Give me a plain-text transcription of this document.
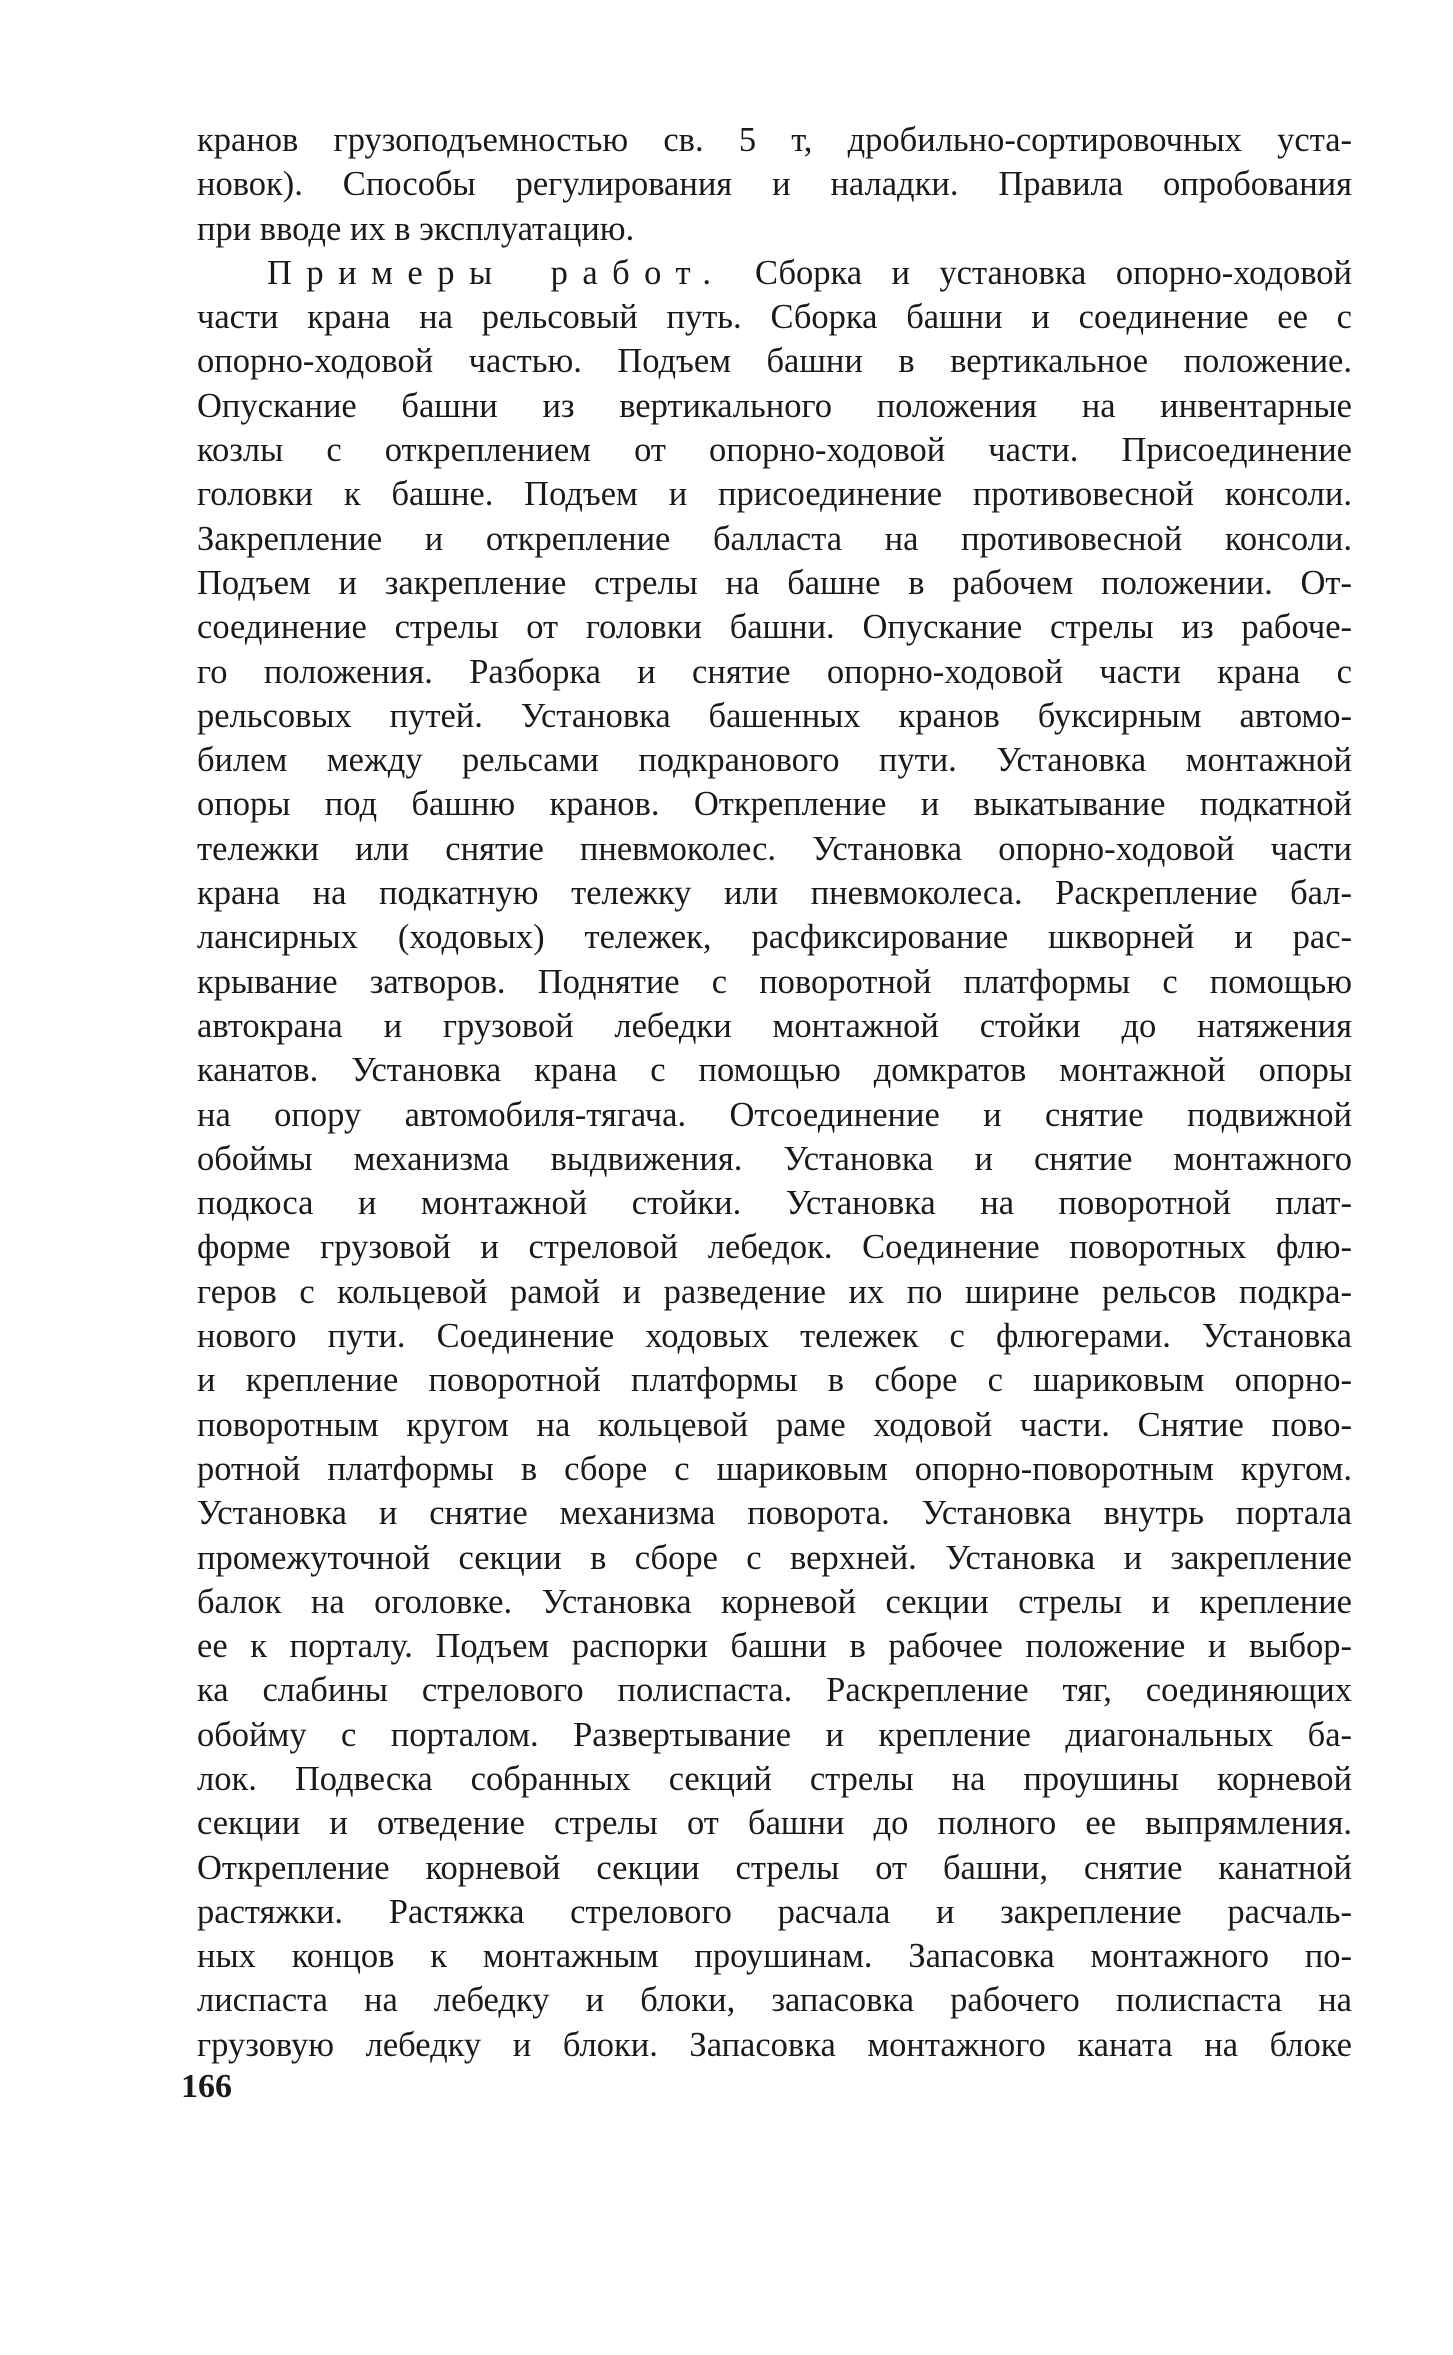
кранов грузоподъемностью св. 5 т, дробильно-сортировочных уста-
новок). Способы регулирования и наладки. Правила опробования
при вводе их в эксплуатацию.
Примеры работ. Сборка и установка опорно-ходовой
части крана на рельсовый путь. Сборка башни и соединение ее с
опорно-ходовой частью. Подъем башни в вертикальное положение.
Опускание башни из вертикального положения на инвентарные
козлы с откреплением от опорно-ходовой части. Присоединение
головки к башне. Подъем и присоединение противовесной консоли.
Закрепление и открепление балласта на противовесной консоли.
Подъем и закрепление стрелы на башне в рабочем положении. От-
соединение стрелы от головки башни. Опускание стрелы из рабоче-
го положения. Разборка и снятие опорно-ходовой части крана с
рельсовых путей. Установка башенных кранов буксирным автомо-
билем между рельсами подкранового пути. Установка монтажной
опоры под башню кранов. Открепление и выкатывание подкатной
тележки или снятие пневмоколес. Установка опорно-ходовой части
крана на подкатную тележку или пневмоколеса. Раскрепление бал-
лансирных (ходовых) тележек, расфиксирование шкворней и рас-
крывание затворов. Поднятие с поворотной платформы с помощью
автокрана и грузовой лебедки монтажной стойки до натяжения
канатов. Установка крана с помощью домкратов монтажной опоры
на опору автомобиля-тягача. Отсоединение и снятие подвижной
обоймы механизма выдвижения. Установка и снятие монтажного
подкоса и монтажной стойки. Установка на поворотной плат-
форме грузовой и стреловой лебедок. Соединение поворотных флю-
геров с кольцевой рамой и разведение их по ширине рельсов подкра-
нового пути. Соединение ходовых тележек с флюгерами. Установка
и крепление поворотной платформы в сборе с шариковым опорно-
поворотным кругом на кольцевой раме ходовой части. Снятие пово-
ротной платформы в сборе с шариковым опорно-поворотным кругом.
Установка и снятие механизма поворота. Установка внутрь портала
промежуточной секции в сборе с верхней. Установка и закрепление
балок на оголовке. Установка корневой секции стрелы и крепление
ее к порталу. Подъем распорки башни в рабочее положение и выбор-
ка слабины стрелового полиспаста. Раскрепление тяг, соединяющих
обойму с порталом. Развертывание и крепление диагональных ба-
лок. Подвеска собранных секций стрелы на проушины корневой
секции и отведение стрелы от башни до полного ее выпрямления.
Открепление корневой секции стрелы от башни, снятие канатной
растяжки. Растяжка стрелового расчала и закрепление расчаль-
ных концов к монтажным проушинам. Запасовка монтажного по-
лиспаста на лебедку и блоки, запасовка рабочего полиспаста на
грузовую лебедку и блоки. Запасовка монтажного каната на блоке
166
